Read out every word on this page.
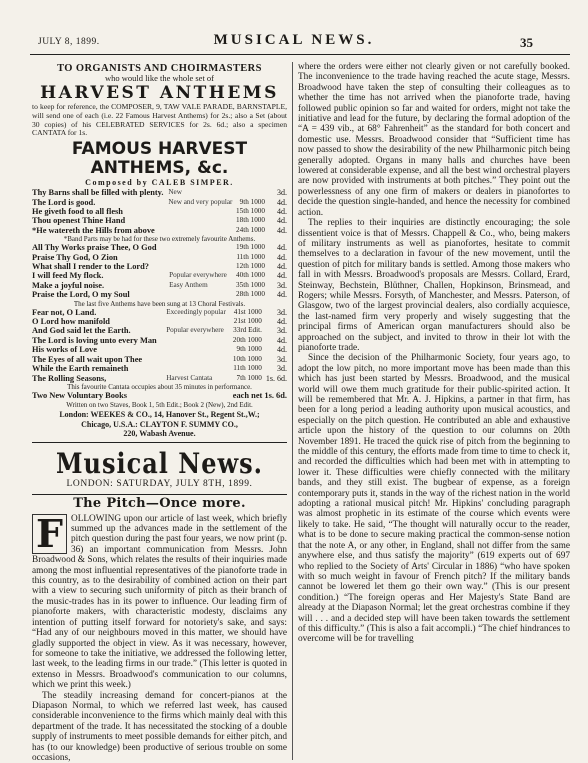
JULY 8, 1899.	MUSICAL NEWS.	35
TO ORGANISTS AND CHOIRMASTERS
who would like the whole set of
HARVEST ANTHEMS
to keep for reference, the COMPOSER, 9, TAW VALE PARADE, BARNSTAPLE, will send one of each (i.e. 22 Famous Harvest Anthems) for 2s.; also a Set (about 30 copies) of his CELEBRATED SERVICES for 2s. 6d.; also a specimen CANTATA for 1s.
FAMOUS HARVEST ANTHEMS, &c.
Composed by CALEB SIMPER.
Thy Barns shall be filled with plenty.	New		3d.
The Lord is good.	New and very popular	9th 1000	4d.
He giveth food to all flesh		15th 1000	4d.
Thou openest Thine Hand		18th 1000	4d.
*He watereth the Hills from above		24th 1000	4d.
*Band Parts may be had for these two extremely favourite Anthems.
All Thy Works praise Thee, O God		19th 1000	4d.
Praise Thy God, O Zion		11th 1000	4d.
What shall I render to the Lord?		12th 1000	4d.
I will feed My flock.	Popular everywhere	40th 1000	4d.
Make a joyful noise.	Easy Anthem	35th 1000	3d.
Praise the Lord, O my Soul		28th 1000	4d.
The last five Anthems have been sung at 13 Choral Festivals.
Fear not, O Land.	Exceedingly popular	41st 1000	3d.
O Lord how manifold		21st 1000	4d.
And God said let the Earth.	Popular everywhere	33rd Edit.	3d.
The Lord is loving unto every Man		20th 1000	4d.
His works of Love		9th 1000	4d.
The Eyes of all wait upon Thee		10th 1000	3d.
While the Earth remaineth		11th 1000	3d.
The Rolling Seasons,	Harvest Cantata	7th 1000	1s. 6d.
This favourite Cantata occupies about 35 minutes in performance.
Two New Voluntary Books	each net 1s. 6d.
Written on two Staves, Book 1, 5th Edit.; Book 2 (New), 2nd Edit.
London: WEEKES & CO., 14, Hanover St., Regent St.,W.;
Chicago, U.S.A.: CLAYTON F. SUMMY CO.,
220, Wabash Avenue.
Musical News.
LONDON: SATURDAY, JULY 8TH, 1899.
The Pitch—Once more.

F OLLOWING upon our article of last week, which briefly summed up the advances made in the settlement of the pitch question during the past four years, we now print (p. 36) an important communication from Messrs. John Broadwood & Sons, which relates the results of their inquiries made among the most influential representatives of the pianoforte trade in this country, as to the desirability of combined action on their part with a view to securing such uniformity of pitch as their branch of the music-trades has in its power to influence. Our leading firm of pianoforte makers, with characteristic modesty, disclaims any intention of putting itself forward for notoriety's sake, and says: “Had any of our neighbours moved in this matter, we should have gladly supported the object in view. As it was necessary, however, for someone to take the initiative, we addressed the following letter, last week, to the leading firms in our trade.” (This letter is quoted in extenso in Messrs. Broadwood's communication to our columns, which we print this week.)

The steadily increasing demand for concert-pianos at the Diapason Normal, to which we referred last week, has caused considerable inconvenience to the firms which mainly deal with this department of the trade. It has necessitated the stocking of a double supply of instruments to meet possible demands for either pitch, and has (to our knowledge) been productive of serious trouble on some occasions,

where the orders were either not clearly given or not carefully booked. The inconvenience to the trade having reached the acute stage, Messrs. Broadwood have taken the step of consulting their colleagues as to whether the time has not arrived when the pianoforte trade, having followed public opinion so far and waited for orders, might not take the initiative and lead for the future, by declaring the formal adoption of the “A = 439 vib., at 68° Fahrenheit” as the standard for both concert and domestic use. Messrs. Broadwood consider that “Sufficient time has now passed to show the desirability of the new Philharmonic pitch being generally adopted. Organs in many halls and churches have been lowered at considerable expense, and all the best wind orchestral players are now provided with instruments at both pitches.” They point out the powerlessness of any one firm of makers or dealers in pianofortes to decide the question single-handed, and hence the necessity for combined action.

The replies to their inquiries are distinctly encouraging; the sole dissentient voice is that of Messrs. Chappell & Co., who, being makers of military instruments as well as pianofortes, hesitate to commit themselves to a declaration in favour of the new movement, until the question of pitch for military bands is settled. Among those makers who fall in with Messrs. Broadwood's proposals are Messrs. Collard, Erard, Steinway, Bechstein, Blüthner, Challen, Hopkinson, Brinsmead, and Rogers; while Messrs. Forsyth, of Manchester, and Messrs. Paterson, of Glasgow, two of the largest provincial dealers, also cordially acquiesce, the last-named firm very properly and wisely suggesting that the principal firms of American organ manufacturers should also be approached on the subject, and invited to throw in their lot with the pianoforte trade.

Since the decision of the Philharmonic Society, four years ago, to adopt the low pitch, no more important move has been made than this which has just been started by Messrs. Broadwood, and the musical world will owe them much gratitude for their public-spirited action. It will be remembered that Mr. A. J. Hipkins, a partner in that firm, has been for a long period a leading authority upon musical acoustics, and especially on the pitch question. He contributed an able and exhaustive article upon the history of the question to our columns on 20th November 1891. He traced the quick rise of pitch from the beginning to the middle of this century, the efforts made from time to time to check it, and recorded the difficulties which had been met with in attempting to lower it. These difficulties were chiefly connected with the military bands, and they still exist. The bugbear of expense, as a foreign contemporary puts it, stands in the way of the richest nation in the world adopting a rational musical pitch! Mr. Hipkins' concluding paragraph was almost prophetic in its estimate of the course which events were likely to take. He said, “The thought will naturally occur to the reader, what is to be done to secure making practical the common-sense notion that the note A, or any other, in England, shall not differ from the same anywhere else, and thus satisfy the majority” (619 experts out of 697 who replied to the Society of Arts' Circular in 1886) “who have spoken with so much weight in favour of French pitch? If the military bands cannot be lowered let them go their own way.” (This is our present condition.) “The foreign operas and Her Majesty's State Band are already at the Diapason Normal; let the great orchestras combine if they will . . . and a decided step will have been taken towards the settlement of this difficulty.” (This is also a fait accompli.) “The chief hindrances to overcome will be for travelling
